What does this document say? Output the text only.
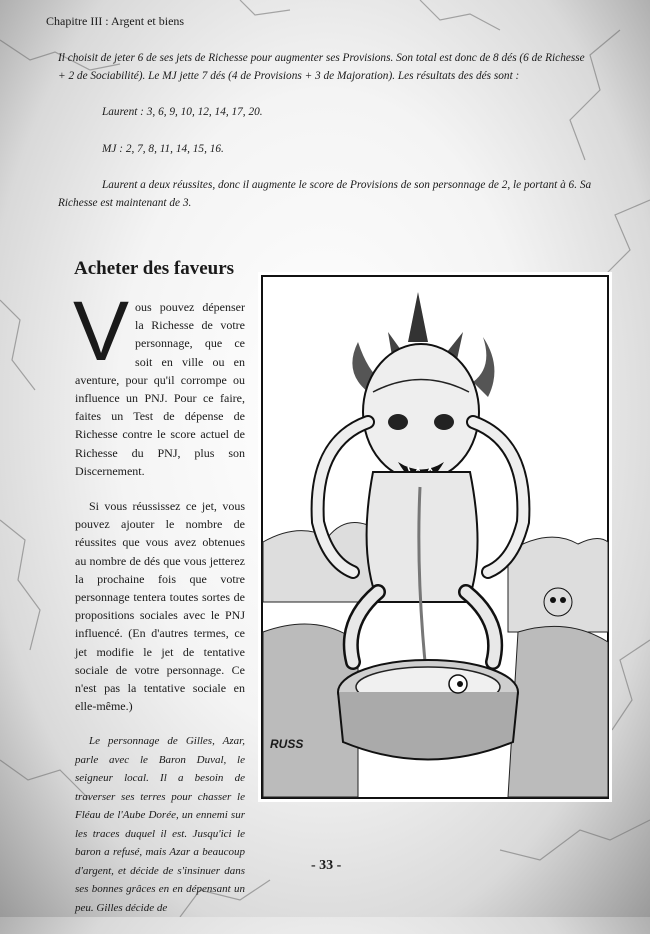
Chapitre III : Argent et biens

Il choisit de jeter 6 de ses jets de Richesse pour augmenter ses Provisions. Son total est donc de 8 dés (6 de Richesse + 2 de Sociabilité). Le MJ jette 7 dés (4 de Provisions + 3 de Majoration). Les résultats des dés sont :

Laurent : 3, 6, 9, 10, 12, 14, 17, 20.

MJ : 2, 7, 8, 11, 14, 15, 16.

Laurent a deux réussites, donc il augmente le score de Provisions de son personnage de 2, le portant à 6. Sa Richesse est maintenant de 3.

Acheter des faveurs

Vous pouvez dépenser la Richesse de votre personnage, que ce soit en ville ou en aventure, pour qu'il corrompe ou influence un PNJ. Pour ce faire, faites un Test de dépense de Richesse contre le score actuel de Richesse du PNJ, plus son Discernement.

Si vous réussissez ce jet, vous pouvez ajouter le nombre de réussites que vous avez obtenues au nombre de dés que vous jetterez la prochaine fois que votre personnage tentera toutes sortes de propositions sociales avec le PNJ influencé. (En d'autres termes, ce jet modifie le jet de tentative sociale de votre personnage. Ce n'est pas la tentative sociale en elle-même.)

Le personnage de Gilles, Azar, parle avec le Baron Duval, le seigneur local. Il a besoin de traverser ses terres pour chasser le Fléau de l'Aube Dorée, un ennemi sur les traces duquel il est. Jusqu'ici le baron a refusé, mais Azar a beaucoup d'argent, et décide de s'insinuer dans ses bonnes grâces en en dépensant un peu. Gilles décide de

RUSS
- 33 -
